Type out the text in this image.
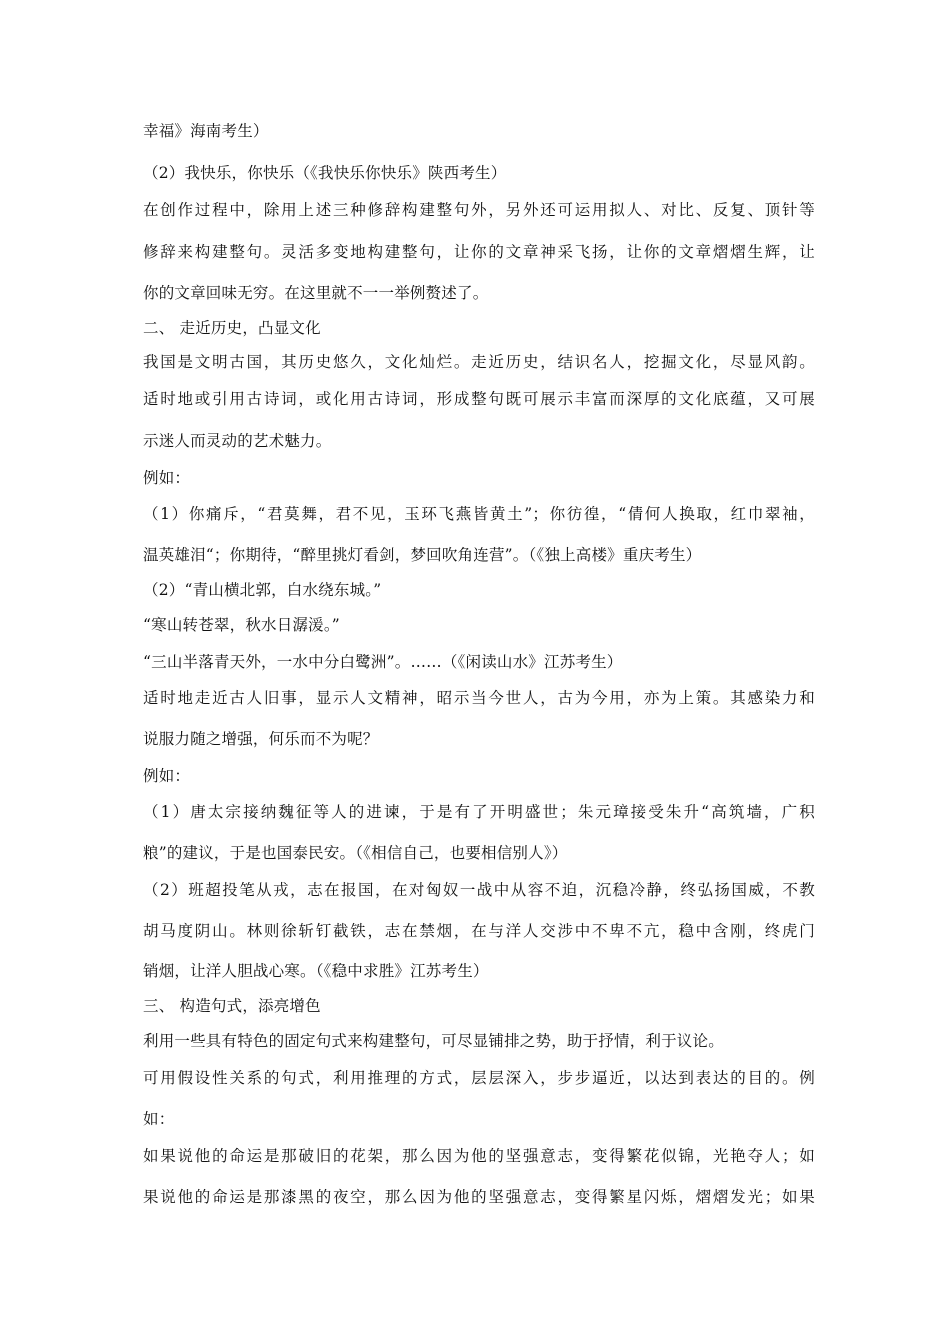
幸福》海南考生）
（2）我快乐，你快乐（《我快乐你快乐》陕西考生）
在创作过程中，除用上述三种修辞构建整句外，另外还可运用拟人、对比、反复、顶针等
修辞来构建整句。灵活多变地构建整句，让你的文章神采飞扬，让你的文章熠熠生辉，让
你的文章回味无穷。在这里就不一一举例赘述了。
二、 走近历史，凸显文化
我国是文明古国，其历史悠久，文化灿烂。走近历史，结识名人，挖掘文化，尽显风韵。
适时地或引用古诗词，或化用古诗词，形成整句既可展示丰富而深厚的文化底蕴，又可展
示迷人而灵动的艺术魅力。
例如：
（1）你痛斥，“君莫舞，君不见，玉环飞燕皆黄土”；你彷徨，“倩何人换取，红巾翠袖，
温英雄泪“；你期待，“醉里挑灯看剑，梦回吹角连营”。（《独上高楼》重庆考生）
（2）“青山横北郭，白水绕东城。”
“寒山转苍翠，秋水日潺湲。”
“三山半落青天外，一水中分白鹭洲”。……（《闲读山水》江苏考生）
适时地走近古人旧事，显示人文精神，昭示当今世人，古为今用，亦为上策。其感染力和
说服力随之增强，何乐而不为呢？
例如：
（1）唐太宗接纳魏征等人的进谏，于是有了开明盛世；朱元璋接受朱升“高筑墙，广积
粮”的建议，于是也国泰民安。（《相信自己，也要相信别人》）
（2）班超投笔从戎，志在报国，在对匈奴一战中从容不迫，沉稳冷静，终弘扬国威，不教
胡马度阴山。林则徐斩钉截铁，志在禁烟，在与洋人交涉中不卑不亢，稳中含刚，终虎门
销烟，让洋人胆战心寒。（《稳中求胜》江苏考生）
三、 构造句式，添亮增色
利用一些具有特色的固定句式来构建整句，可尽显铺排之势，助于抒情，利于议论。
可用假设性关系的句式，利用推理的方式，层层深入，步步逼近，以达到表达的目的。例
如：
如果说他的命运是那破旧的花架，那么因为他的坚强意志，变得繁花似锦，光艳夺人；如
果说他的命运是那漆黑的夜空，那么因为他的坚强意志，变得繁星闪烁，熠熠发光；如果
